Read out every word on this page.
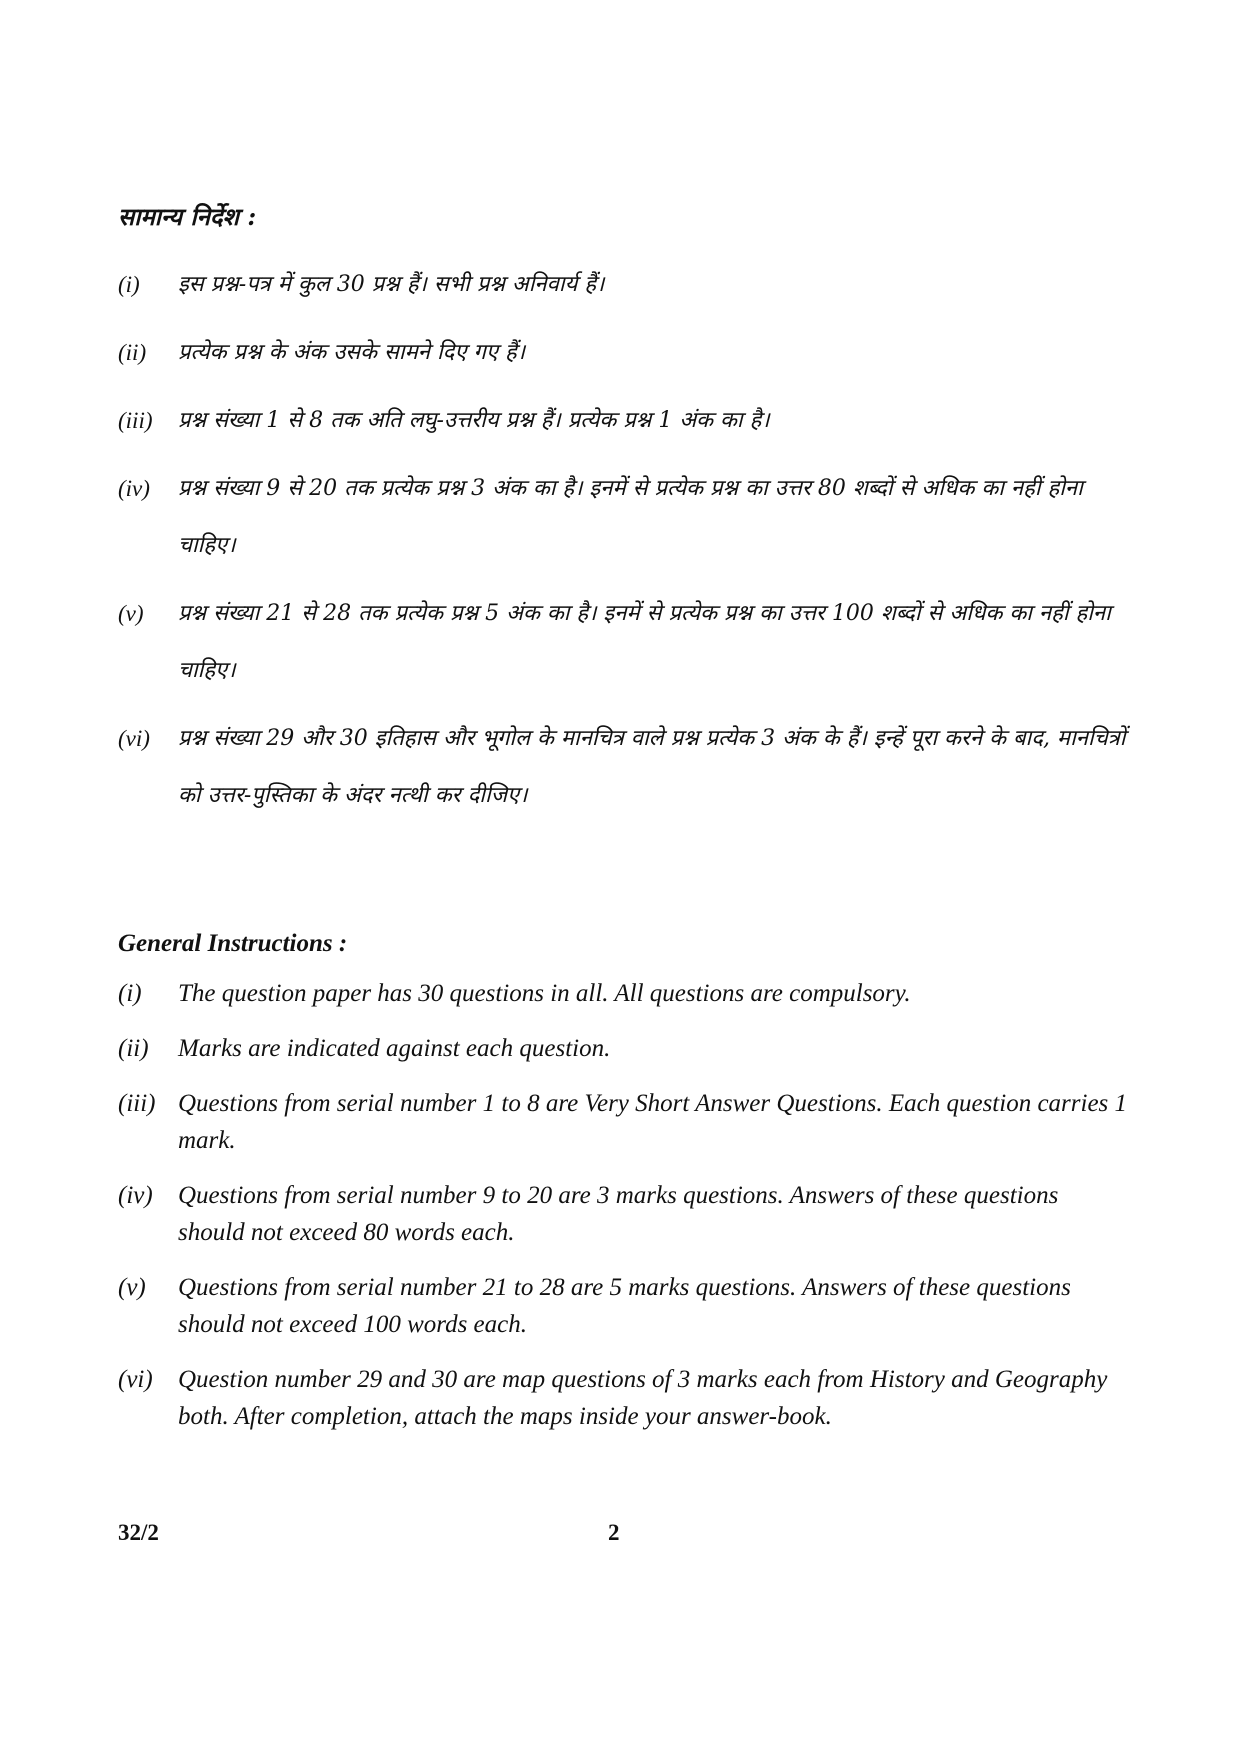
सामान्य निर्देश :
(i)	इस प्रश्न-पत्र में कुल 30 प्रश्न हैं। सभी प्रश्न अनिवार्य हैं।
(ii)	प्रत्येक प्रश्न के अंक उसके सामने दिए गए हैं।
(iii)	प्रश्न संख्या 1 से 8 तक अति लघु-उत्तरीय प्रश्न हैं। प्रत्येक प्रश्न 1 अंक का है।
(iv)	प्रश्न संख्या 9 से 20 तक प्रत्येक प्रश्न 3 अंक का है। इनमें से प्रत्येक प्रश्न का उत्तर 80 शब्दों से अधिक का नहीं होना चाहिए।
(v)	प्रश्न संख्या 21 से 28 तक प्रत्येक प्रश्न 5 अंक का है। इनमें से प्रत्येक प्रश्न का उत्तर 100 शब्दों से अधिक का नहीं होना चाहिए।
(vi)	प्रश्न संख्या 29 और 30 इतिहास और भूगोल के मानचित्र वाले प्रश्न प्रत्येक 3 अंक के हैं। इन्हें पूरा करने के बाद, मानचित्रों को उत्तर-पुस्तिका के अंदर नत्थी कर दीजिए।
General Instructions :
(i)	The question paper has 30 questions in all. All questions are compulsory.
(ii)	Marks are indicated against each question.
(iii) Questions from serial number 1 to 8 are Very Short Answer Questions. Each question carries 1 mark.
(iv)	Questions from serial number 9 to 20 are 3 marks questions. Answers of these questions should not exceed 80 words each.
(v)	Questions from serial number 21 to 28 are 5 marks questions. Answers of these questions should not exceed 100 words each.
(vi)	Question number 29 and 30 are map questions of 3 marks each from History and Geography both. After completion, attach the maps inside your answer-book.
32/2	2
